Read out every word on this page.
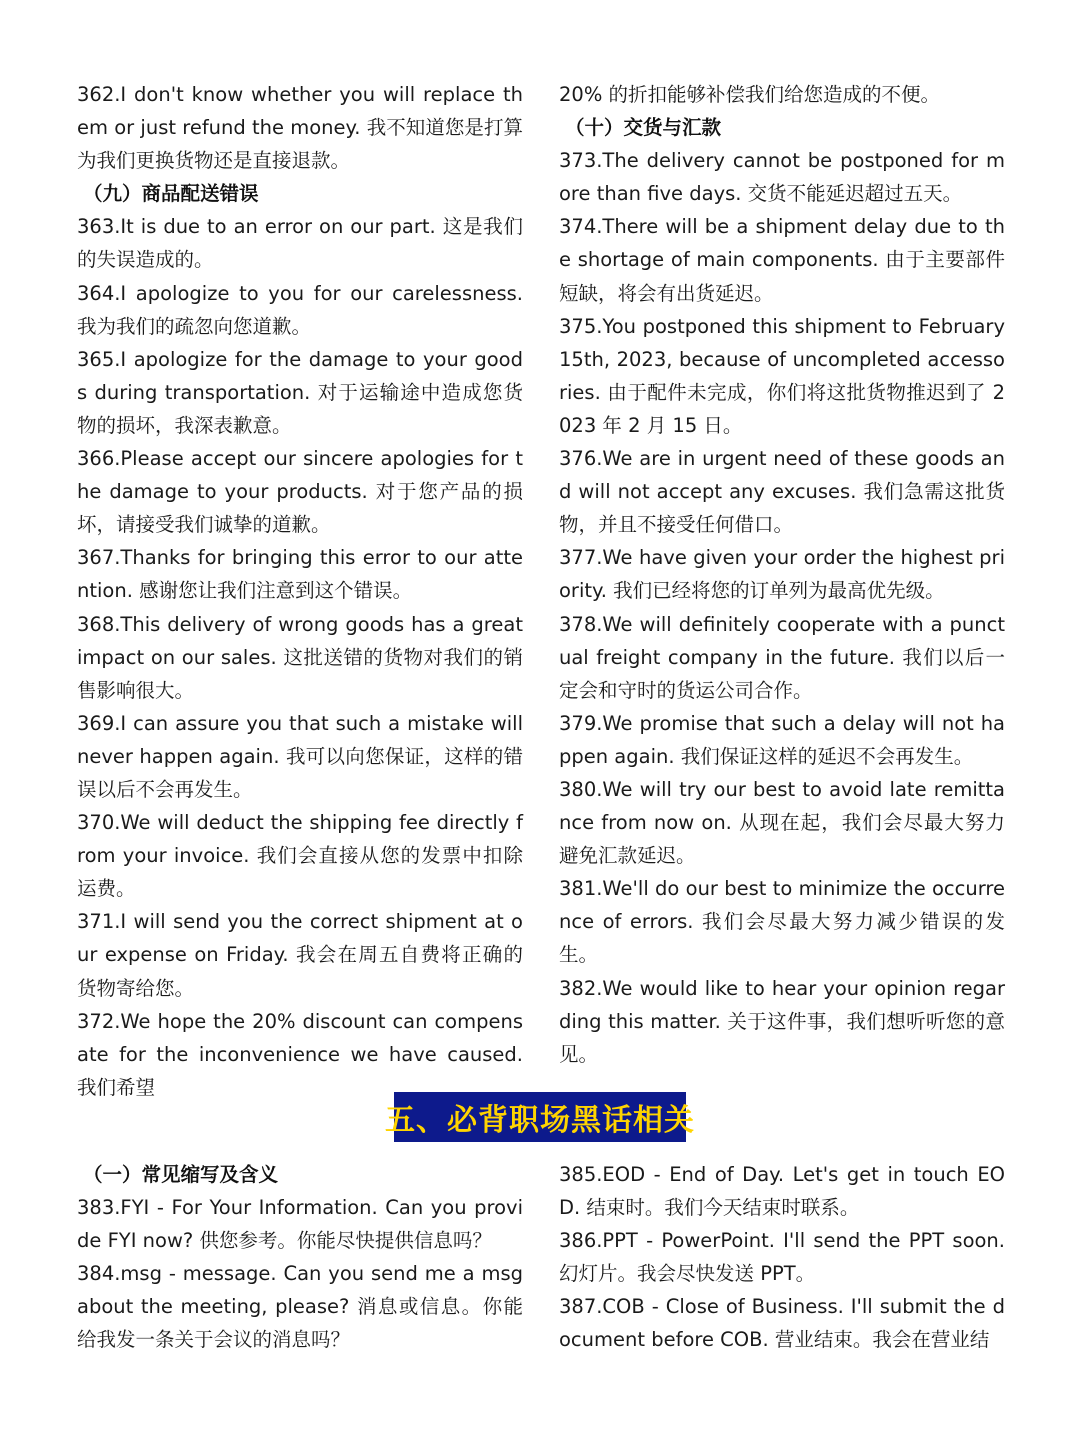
362.I don't know whether you will replace them or just refund the money. 我不知道您是打算为我们更换货物还是直接退款。

（九）商品配送错误

363.It is due to an error on our part. 这是我们的失误造成的。

364.I apologize to you for our carelessness. 我为我们的疏忽向您道歉。

365.I apologize for the damage to your goods during transportation. 对于运输途中造成您货物的损坏，我深表歉意。

366.Please accept our sincere apologies for the damage to your products. 对于您产品的损坏，请接受我们诚挚的道歉。

367.Thanks for bringing this error to our attention. 感谢您让我们注意到这个错误。

368.This delivery of wrong goods has a great impact on our sales. 这批送错的货物对我们的销售影响很大。

369.I can assure you that such a mistake will never happen again. 我可以向您保证，这样的错误以后不会再发生。

370.We will deduct the shipping fee directly from your invoice. 我们会直接从您的发票中扣除运费。

371.I will send you the correct shipment at our expense on Friday. 我会在周五自费将正确的货物寄给您。

372.We hope the 20% discount can compensate for the inconvenience we have caused. 我们希望

20% 的折扣能够补偿我们给您造成的不便。

（十）交货与汇款

373.The delivery cannot be postponed for more than five days. 交货不能延迟超过五天。

374.There will be a shipment delay due to the shortage of main components. 由于主要部件短缺，将会有出货延迟。

375.You postponed this shipment to February 15th, 2023, because of uncompleted accessories. 由于配件未完成，你们将这批货物推迟到了 2023 年 2 月 15 日。

376.We are in urgent need of these goods and will not accept any excuses. 我们急需这批货物，并且不接受任何借口。

377.We have given your order the highest priority. 我们已经将您的订单列为最高优先级。

378.We will definitely cooperate with a punctual freight company in the future. 我们以后一定会和守时的货运公司合作。

379.We promise that such a delay will not happen again. 我们保证这样的延迟不会再发生。

380.We will try our best to avoid late remittance from now on. 从现在起，我们会尽最大努力避免汇款延迟。

381.We'll do our best to minimize the occurrence of errors. 我们会尽最大努力减少错误的发生。

382.We would like to hear your opinion regarding this matter. 关于这件事，我们想听听您的意见。

五、必背职场黑话相关

（一）常见缩写及含义

383.FYI - For Your Information. Can you provide FYI now? 供您参考。你能尽快提供信息吗？

384.msg - message. Can you send me a msg about the meeting, please? 消息或信息。你能给我发一条关于会议的消息吗？

385.EOD - End of Day. Let's get in touch EOD. 结束时。我们今天结束时联系。

386.PPT - PowerPoint. I'll send the PPT soon. 幻灯片。我会尽快发送 PPT。

387.COB - Close of Business. I'll submit the document before COB. 营业结束。我会在营业结
